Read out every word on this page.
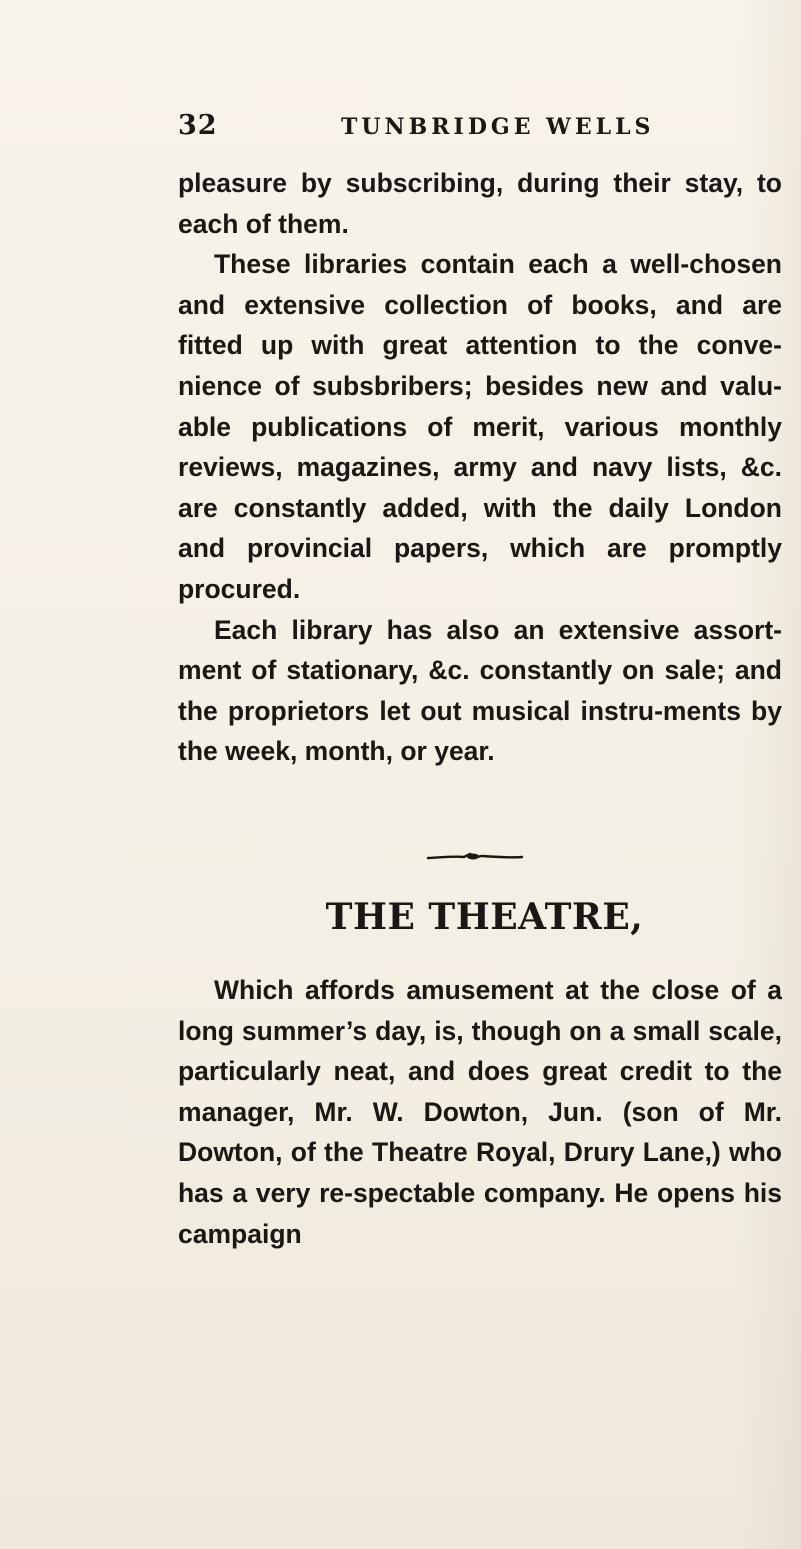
32	TUNBRIDGE WELLS

pleasure by subscribing, during their stay, to each of them.

These libraries contain each a well-chosen and extensive collection of books, and are fitted up with great attention to the conve-nience of subsbribers; besides new and valu-able publications of merit, various monthly reviews, magazines, army and navy lists, &c. are constantly added, with the daily London and provincial papers, which are promptly procured.

Each library has also an extensive assort-ment of stationary, &c. constantly on sale; and the proprietors let out musical instru-ments by the week, month, or year.

THE THEATRE,

Which affords amusement at the close of a long summer’s day, is, though on a small scale, particularly neat, and does great credit to the manager, Mr. W. Dowton, Jun. (son of Mr. Dowton, of the Theatre Royal, Drury Lane,) who has a very re-spectable company. He opens his campaign
